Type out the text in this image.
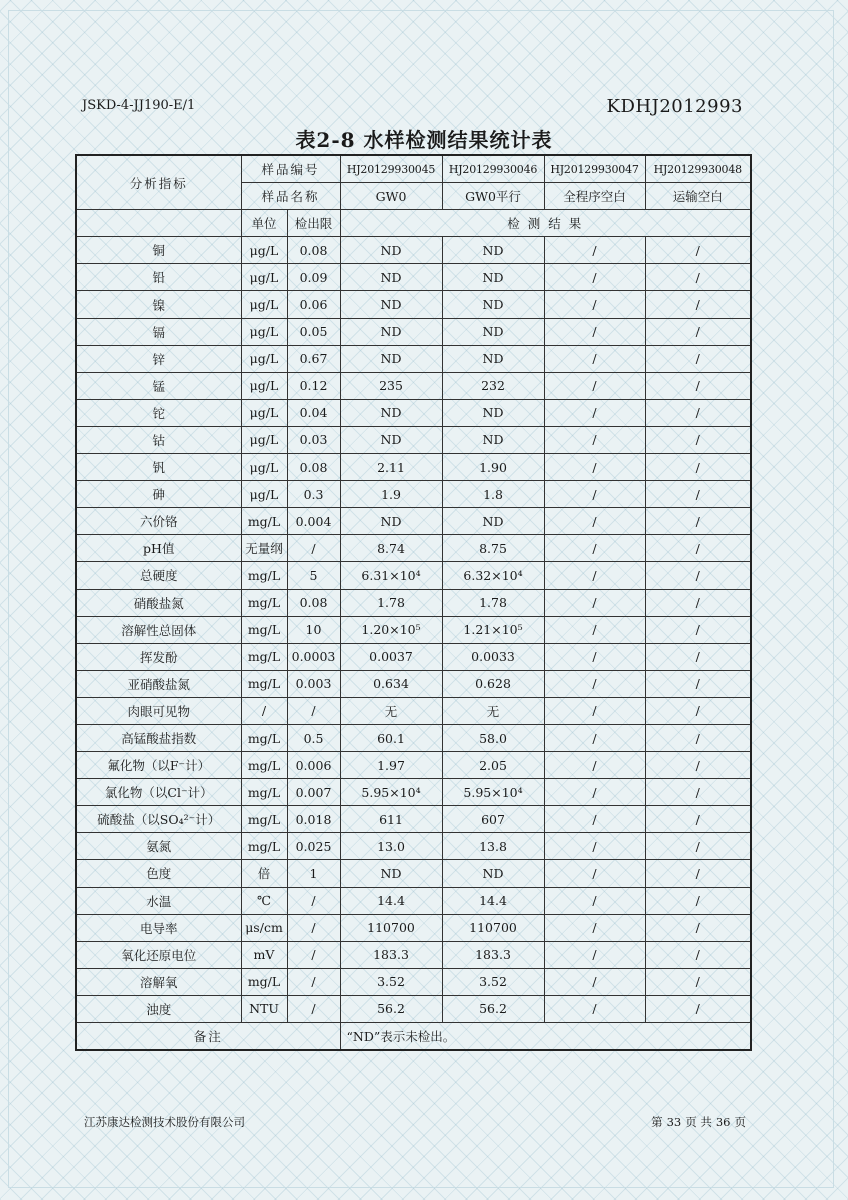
JSKD-4-JJ190-E/1	KDHJ2012993
表2-8 水样检测结果统计表
分析指标	样品编号		HJ20129930045	HJ20129930046	HJ20129930047	HJ20129930048
	样品名称		GW0	GW0平行	全程序空白	运输空白
	单位	检出限	检 测 结 果			
铜	μg/L	0.08	ND	ND	/	/
铅	μg/L	0.09	ND	ND	/	/
镍	μg/L	0.06	ND	ND	/	/
镉	μg/L	0.05	ND	ND	/	/
锌	μg/L	0.67	ND	ND	/	/
锰	μg/L	0.12	235	232	/	/
铊	μg/L	0.04	ND	ND	/	/
钴	μg/L	0.03	ND	ND	/	/
钒	μg/L	0.08	2.11	1.90	/	/
砷	μg/L	0.3	1.9	1.8	/	/
六价铬	mg/L	0.004	ND	ND	/	/
pH值	无量纲	/	8.74	8.75	/	/
总硬度	mg/L	5	6.31×10⁴	6.32×10⁴	/	/
硝酸盐氮	mg/L	0.08	1.78	1.78	/	/
溶解性总固体	mg/L	10	1.20×10⁵	1.21×10⁵	/	/
挥发酚	mg/L	0.0003	0.0037	0.0033	/	/
亚硝酸盐氮	mg/L	0.003	0.634	0.628	/	/
肉眼可见物	/	/	无	无	/	/
高锰酸盐指数	mg/L	0.5	60.1	58.0	/	/
氟化物（以F⁻计）	mg/L	0.006	1.97	2.05	/	/
氯化物（以Cl⁻计）	mg/L	0.007	5.95×10⁴	5.95×10⁴	/	/
硫酸盐（以SO₄²⁻计）	mg/L	0.018	611	607	/	/
氨氮	mg/L	0.025	13.0	13.8	/	/
色度	倍	1	ND	ND	/	/
水温	℃	/	14.4	14.4	/	/
电导率	μs/cm	/	110700	110700	/	/
氧化还原电位	mV	/	183.3	183.3	/	/
溶解氧	mg/L	/	3.52	3.52	/	/
浊度	NTU	/	56.2	56.2	/	/
备注			“ND”表示未检出。			
江苏康达检测技术股份有限公司	第 33 页 共 36 页
